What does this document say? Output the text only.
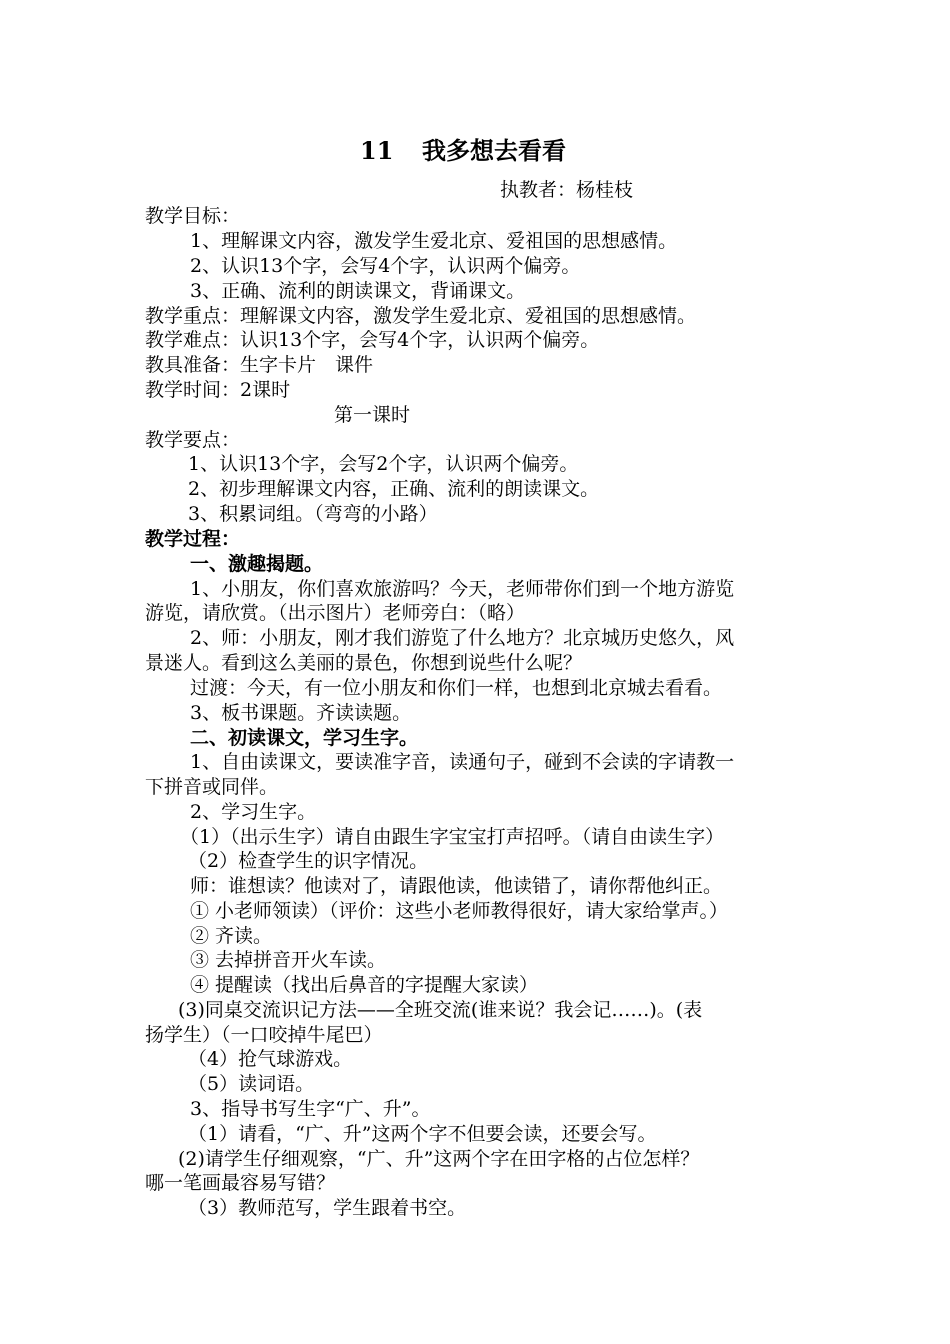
11 我多想去看看
执教者：杨桂枝
教学目标：
1、理解课文内容，激发学生爱北京、爱祖国的思想感情。
2、认识13个字，会写4个字，认识两个偏旁。
3、正确、流利的朗读课文，背诵课文。
教学重点：理解课文内容，激发学生爱北京、爱祖国的思想感情。
教学难点：认识13个字，会写4个字，认识两个偏旁。
教具准备：生字卡片　课件
教学时间：2课时
第一课时
教学要点：
1、认识13个字，会写2个字，认识两个偏旁。
2、初步理解课文内容，正确、流利的朗读课文。
3、积累词组。（弯弯的小路）
教学过程：
一、激趣揭题。
1、小朋友，你们喜欢旅游吗？今天，老师带你们到一个地方游览
游览，请欣赏。（出示图片）老师旁白：（略）
2、师：小朋友，刚才我们游览了什么地方？北京城历史悠久，风
景迷人。看到这么美丽的景色，你想到说些什么呢？
过渡：今天，有一位小朋友和你们一样，也想到北京城去看看。
3、板书课题。齐读读题。
二、初读课文，学习生字。
1、自由读课文，要读准字音，读通句子，碰到不会读的字请教一
下拼音或同伴。
2、学习生字。
（1）（出示生字）请自由跟生字宝宝打声招呼。（请自由读生字）
（2）检查学生的识字情况。
师：谁想读？他读对了，请跟他读，他读错了，请你帮他纠正。
① 小老师领读）（评价：这些小老师教得很好，请大家给掌声。）
② 齐读。
③ 去掉拼音开火车读。
④ 提醒读（找出后鼻音的字提醒大家读）
(3)同桌交流识记方法——全班交流(谁来说？我会记……)。(表
扬学生）（一口咬掉牛尾巴）
（4）抢气球游戏。
（5）读词语。
3、指导书写生字“广、升”。
（1）请看，“广、升”这两个字不但要会读，还要会写。
(2)请学生仔细观察，“广、升”这两个字在田字格的占位怎样？
哪一笔画最容易写错？
（3）教师范写，学生跟着书空。
